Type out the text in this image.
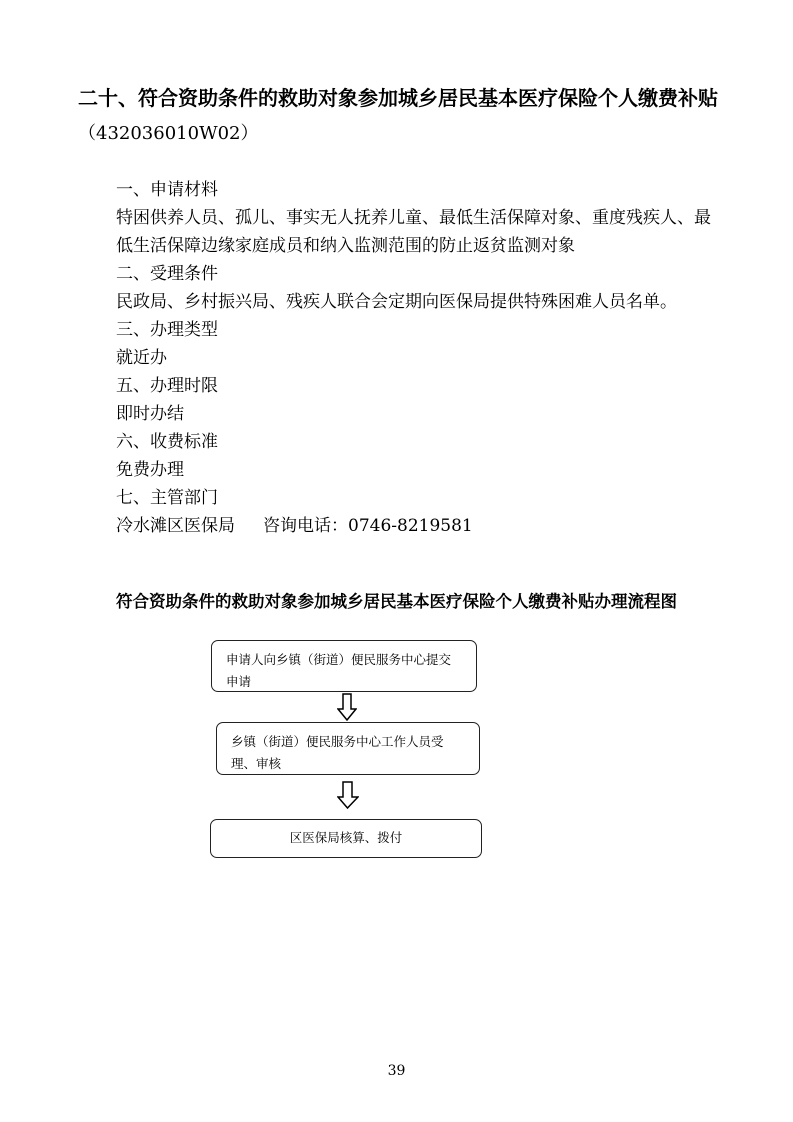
二十、符合资助条件的救助对象参加城乡居民基本医疗保险个人缴费补贴（432036010W02）

一、申请材料

特困供养人员、孤儿、事实无人抚养儿童、最低生活保障对象、重度残疾人、最低生活保障边缘家庭成员和纳入监测范围的防止返贫监测对象

二、受理条件

民政局、乡村振兴局、残疾人联合会定期向医保局提供特殊困难人员名单。

三、办理类型

就近办

五、办理时限

即时办结

六、收费标准

免费办理

七、主管部门

冷水滩区医保局 咨询电话：0746-8219581

符合资助条件的救助对象参加城乡居民基本医疗保险个人缴费补贴办理流程图
申请人向乡镇（街道）便民服务中心提交申请
乡镇（街道）便民服务中心工作人员受理、审核
区医保局核算、拨付
39
